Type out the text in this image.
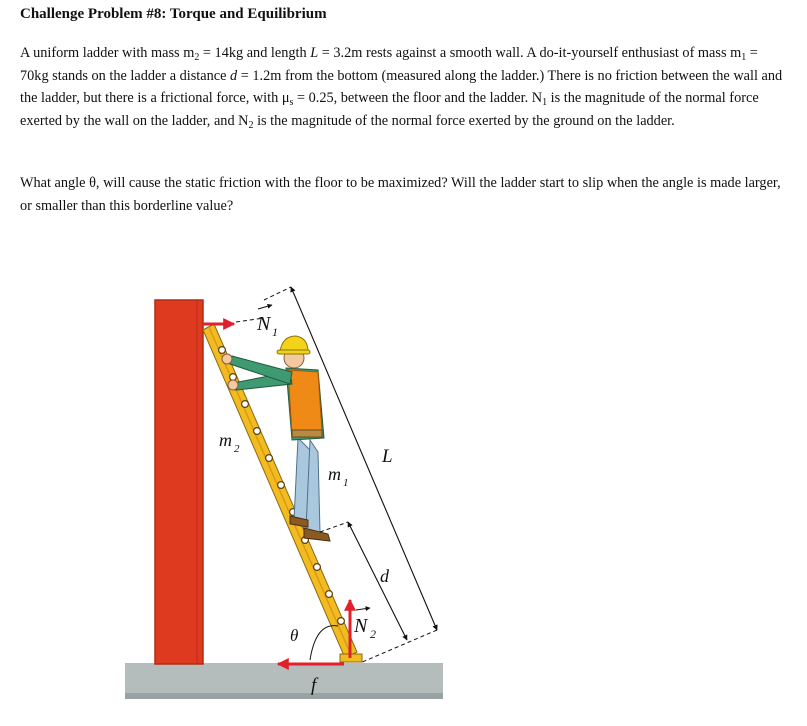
Challenge Problem #8: Torque and Equilibrium

A uniform ladder with mass $m_2 = 14kg$ and length L = 3.2m rests against a smooth wall. A do-it-yourself enthusiast of mass $m_1 = 70kg$ stands on the ladder a distance d = 1.2m from the bottom (measured along the ladder.) There is no friction between the wall and the ladder, but there is a frictional force, with $\mu_s = 0.25$, between the floor and the ladder. $N_1$ is the magnitude of the normal force exerted by the wall on the ladder, and $N_2$ is the magnitude of the normal force exerted by the ground on the ladder.

What angle θ, will cause the static friction with the floor to be maximized? Will the ladder start to slip when the angle is made larger, or smaller than this borderline value?

N 1
L
d
m 2
m 1
N 2
θ
f
